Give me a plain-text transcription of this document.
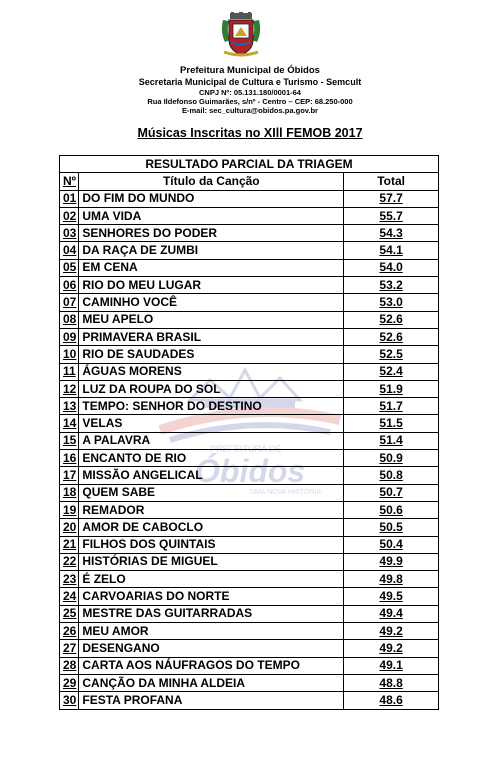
Prefeitura Municipal de Óbidos
Secretaria Municipal de Cultura e Turismo - Semcult
CNPJ Nº: 05.131.180/0001-64
Rua Ildefonso Guimarães, s/nº - Centro – CEP: 68.250-000
E-mail: sec_cultura@obidos.pa.gov.br
Músicas Inscritas no XIll FEMOB 2017
PREFEITURA DE
Óbidos
UMA NOVA HISTÓRIA
RESULTADO PARCIAL DA TRIAGEM		
Nº	Título da Canção	Total
01	DO FIM DO MUNDO	57.7
02	UMA VIDA	55.7
03	SENHORES DO PODER	54.3
04	DA RAÇA DE ZUMBI	54.1
05	EM CENA	54.0
06	RIO DO MEU LUGAR	53.2
07	CAMINHO VOCÊ	53.0
08	MEU APELO	52.6
09	PRIMAVERA BRASIL	52.6
10	RIO DE SAUDADES	52.5
11	ÁGUAS MORENS	52.4
12	LUZ DA ROUPA DO SOL	51.9
13	TEMPO: SENHOR DO DESTINO	51.7
14	VELAS	51.5
15	A PALAVRA	51.4
16	ENCANTO DE RIO	50.9
17	MISSÃO ANGELICAL	50.8
18	QUEM SABE	50.7
19	REMADOR	50.6
20	AMOR DE CABOCLO	50.5
21	FILHOS DOS QUINTAIS	50.4
22	HISTÓRIAS DE MIGUEL	49.9
23	É ZELO	49.8
24	CARVOARIAS DO NORTE	49.5
25	MESTRE DAS GUITARRADAS	49.4
26	MEU AMOR	49.2
27	DESENGANO	49.2
28	CARTA AOS NÁUFRAGOS DO TEMPO	49.1
29	CANÇÃO DA MINHA ALDEIA	48.8
30	FESTA PROFANA	48.6
